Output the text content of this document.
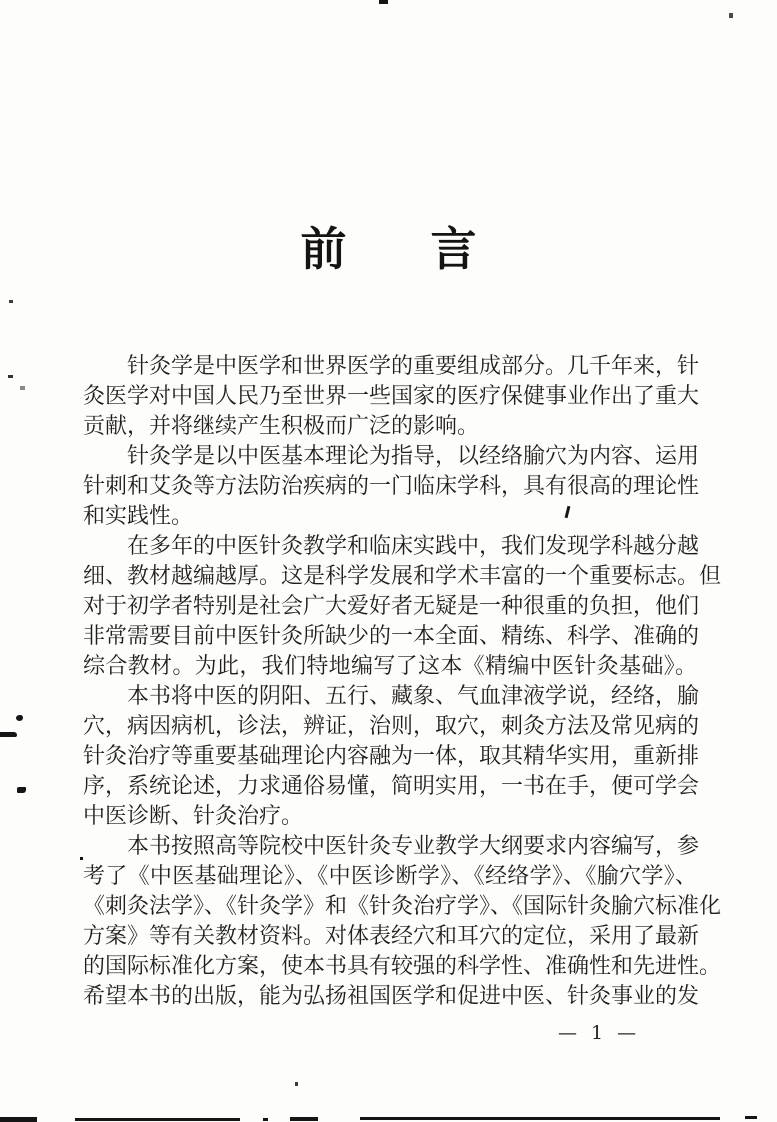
前 言
针灸学是中医学和世界医学的重要组成部分。几千年来，针
灸医学对中国人民乃至世界一些国家的医疗保健事业作出了重大
贡献，并将继续产生积极而广泛的影响。
针灸学是以中医基本理论为指导，以经络腧穴为内容、运用
针刺和艾灸等方法防治疾病的一门临床学科，具有很高的理论性
和实践性。
在多年的中医针灸教学和临床实践中，我们发现学科越分越
细、教材越编越厚。这是科学发展和学术丰富的一个重要标志。但
对于初学者特别是社会广大爱好者无疑是一种很重的负担，他们
非常需要目前中医针灸所缺少的一本全面、精练、科学、准确的
综合教材。为此，我们特地编写了这本《精编中医针灸基础》。
本书将中医的阴阳、五行、藏象、气血津液学说，经络，腧
穴，病因病机，诊法，辨证，治则，取穴，刺灸方法及常见病的
针灸治疗等重要基础理论内容融为一体，取其精华实用，重新排
序，系统论述，力求通俗易懂，简明实用，一书在手，便可学会
中医诊断、针灸治疗。
本书按照高等院校中医针灸专业教学大纲要求内容编写，参
考了《中医基础理论》、《中医诊断学》、《经络学》、《腧穴学》、
《刺灸法学》、《针灸学》和《针灸治疗学》、《国际针灸腧穴标准化
方案》等有关教材资料。对体表经穴和耳穴的定位，采用了最新
的国际标准化方案，使本书具有较强的科学性、准确性和先进性。
希望本书的出版，能为弘扬祖国医学和促进中医、针灸事业的发
— 1 —
